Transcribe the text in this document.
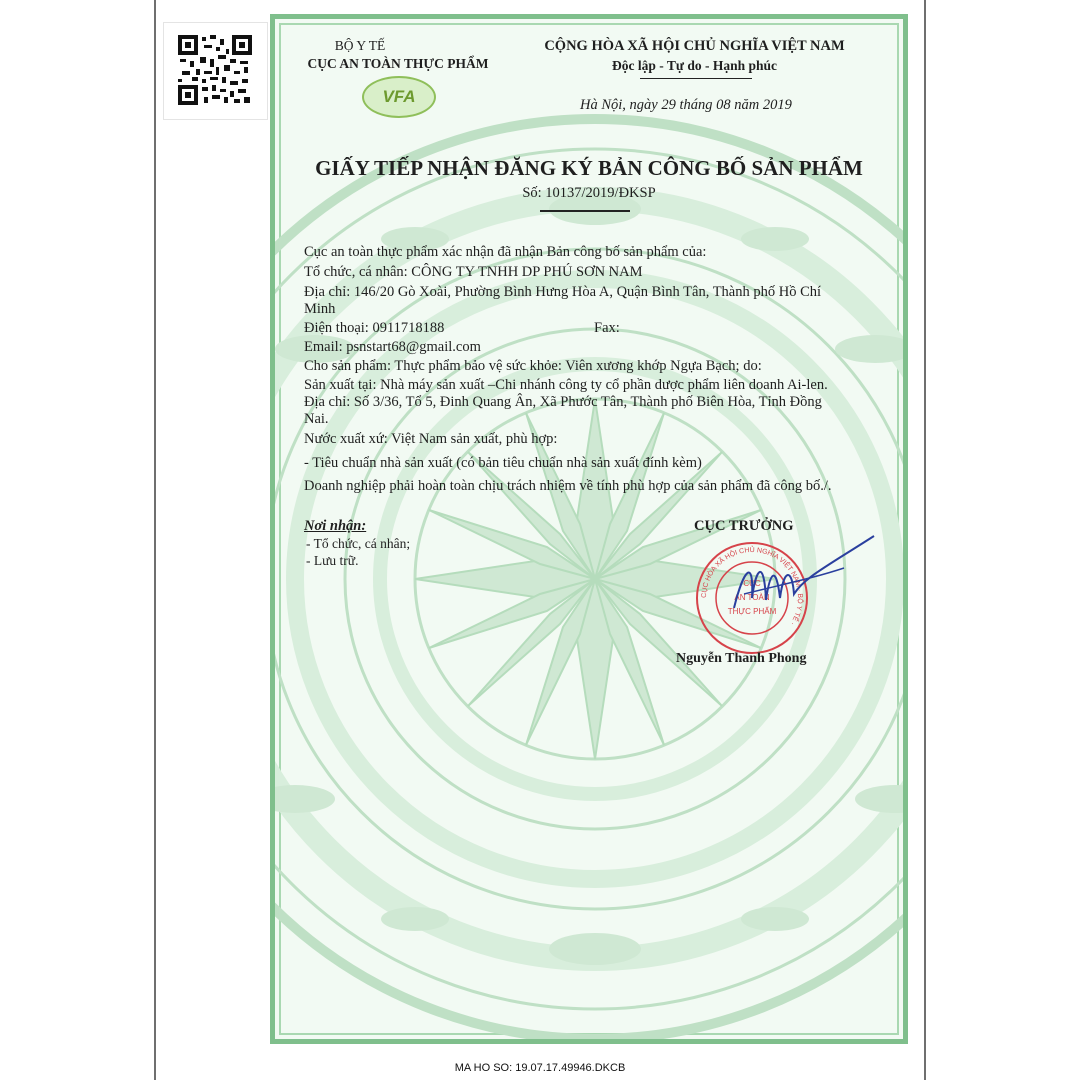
BỘ Y TẾ
CỤC AN TOÀN THỰC PHẨM
VFA
CỘNG HÒA XÃ HỘI CHỦ NGHĨA VIỆT NAM
Độc lập - Tự do - Hạnh phúc
Hà Nội, ngày 29 tháng 08 năm 2019
GIẤY TIẾP NHẬN ĐĂNG KÝ BẢN CÔNG BỐ SẢN PHẨM
Số: 10137/2019/ĐKSP
Cục an toàn thực phẩm xác nhận đã nhận Bản công bố sản phẩm của:
Tổ chức, cá nhân: CÔNG TY TNHH DP PHÚ SƠN NAM
Địa chỉ: 146/20 Gò Xoài, Phường Bình Hưng Hòa A, Quận Bình Tân, Thành phố Hồ Chí
Minh
Điện thoại: 0911718188	Fax:
Email: psnstart68@gmail.com
Cho sản phẩm: Thực phẩm bảo vệ sức khỏe: Viên xương khớp Ngựa Bạch; do:
Sản xuất tại: Nhà máy sản xuất –Chi nhánh công ty cổ phần dược phẩm liên doanh Ai-len.
Địa chỉ: Số 3/36, Tổ 5, Đinh Quang Ân, Xã Phước Tân, Thành phố Biên Hòa, Tỉnh Đồng
Nai.
Nước xuất xứ: Việt Nam sản xuất, phù hợp:
- Tiêu chuẩn nhà sản xuất (có bản tiêu chuẩn nhà sản xuất đính kèm)
Doanh nghiệp phải hoàn toàn chịu trách nhiệm về tính phù hợp của sản phẩm đã công bố./.
Nơi nhận:
- Tổ chức, cá nhân;
- Lưu trữ.
CỤC TRƯỞNG
CỤC HÒA XÃ HỘI CHỦ NGHĨA VIỆT NAM · BỘ Y TẾ ·
CỤC
AN TOÀN
THỰC PHẨM
Nguyễn Thanh Phong
MA HO SO: 19.07.17.49946.DKCB
